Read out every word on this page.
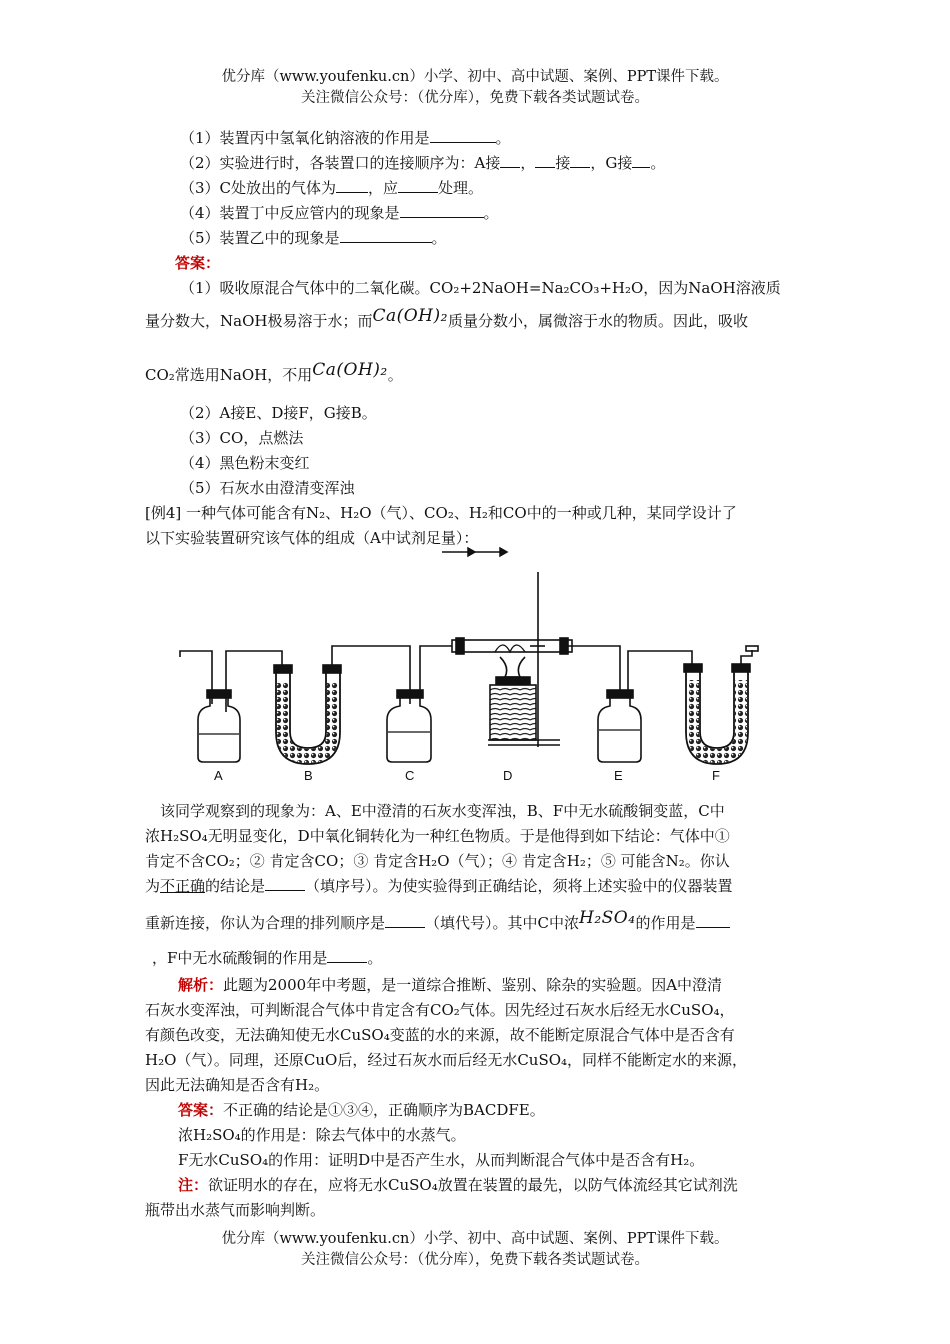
优分库（www.youfenku.cn）小学、初中、高中试题、案例、PPT课件下载。
关注微信公众号：（优分库），免费下载各类试题试卷。
（1）装置丙中氢氧化钠溶液的作用是	。
（2）实验进行时，各装置口的连接顺序为：A接 ， 接 ，G接 。
（3）C处放出的气体为 ，应	处理。
（4）装置丁中反应管内的现象是	。
（5）装置乙中的现象是	。
答案：
（1）吸收原混合气体中的二氧化碳。CO₂+2NaOH=Na₂CO₃+H₂O，因为NaOH溶液质
量分数大，NaOH极易溶于水；而Ca(OH)₂质量分数小，属微溶于水的物质。因此，吸收
CO₂常选用NaOH，不用Ca(OH)₂。
（2）A接E、D接F，G接B。
（3）CO，点燃法
（4）黑色粉末变红
（5）石灰水由澄清变浑浊
[例4] 一种气体可能含有N₂、H₂O（气）、CO₂、H₂和CO中的一种或几种，某同学设计了
以下实验装置研究该气体的组成（A中试剂足量）：
A	B	C	D	E	F
该同学观察到的现象为：A、E中澄清的石灰水变浑浊，B、F中无水硫酸铜变蓝，C中
浓H₂SO₄无明显变化，D中氧化铜转化为一种红色物质。于是他得到如下结论：气体中①
肯定不含CO₂；② 肯定含CO；③ 肯定含H₂O（气）；④ 肯定含H₂；⑤ 可能含N₂。你认
为不正确的结论是	（填序号）。为使实验得到正确结论，须将上述实验中的仪器装置
重新连接，你认为合理的排列顺序是	（填代号）。其中C中浓H₂SO₄的作用是
，F中无水硫酸铜的作用是	。
解析：此题为2000年中考题，是一道综合推断、鉴别、除杂的实验题。因A中澄清
石灰水变浑浊，可判断混合气体中肯定含有CO₂气体。因先经过石灰水后经无水CuSO₄，
有颜色改变，无法确知使无水CuSO₄变蓝的水的来源，故不能断定原混合气体中是否含有
H₂O（气）。同理，还原CuO后，经过石灰水而后经无水CuSO₄，同样不能断定水的来源，
因此无法确知是否含有H₂。
答案：不正确的结论是①③④，正确顺序为BACDFE。
浓H₂SO₄的作用是：除去气体中的水蒸气。
F无水CuSO₄的作用：证明D中是否产生水，从而判断混合气体中是否含有H₂。
注：欲证明水的存在，应将无水CuSO₄放置在装置的最先，以防气体流经其它试剂洗
瓶带出水蒸气而影响判断。
优分库（www.youfenku.cn）小学、初中、高中试题、案例、PPT课件下载。
关注微信公众号：（优分库），免费下载各类试题试卷。
